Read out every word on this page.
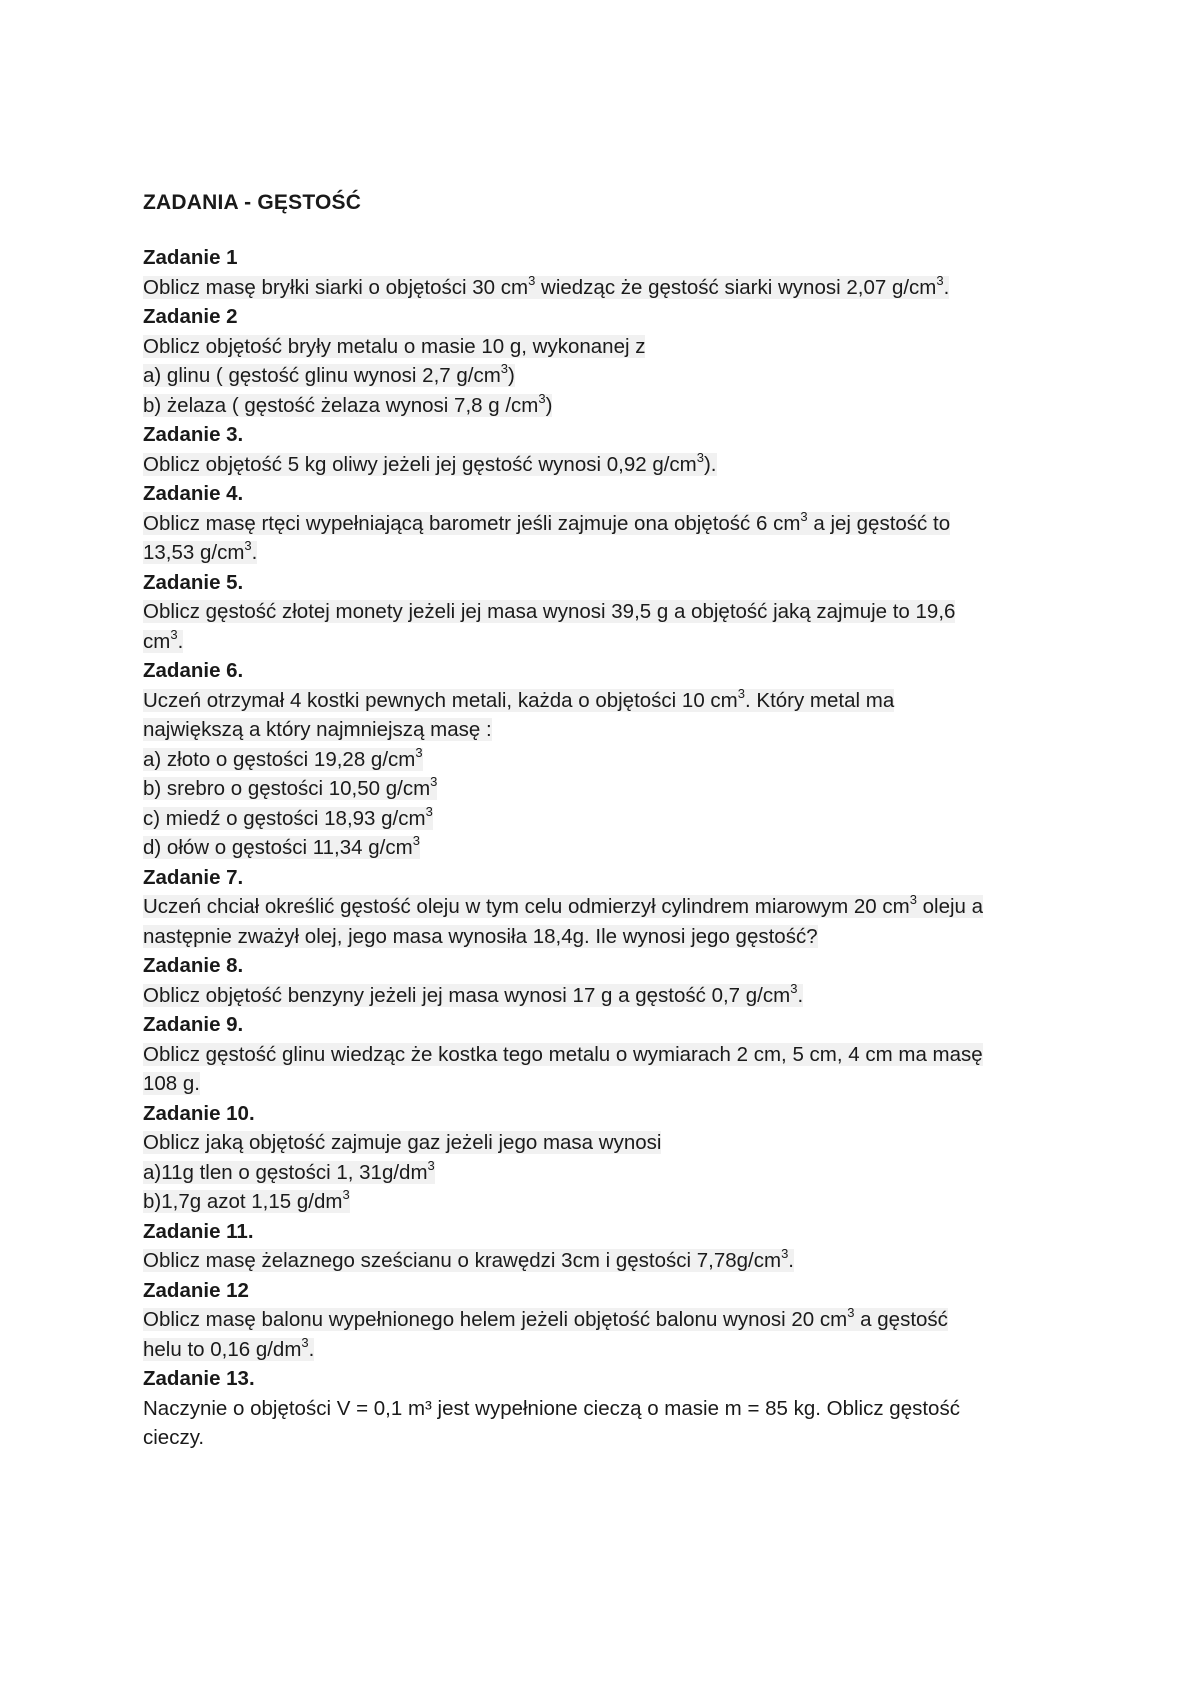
ZADANIA - GĘSTOŚĆ
Zadanie 1
Oblicz masę bryłki siarki o objętości 30 $cm^3$ wiedząc że gęstość siarki wynosi 2,07 $g/cm^3$.
Zadanie 2
Oblicz objętość bryły metalu o masie 10 g, wykonanej z
a) glinu ( gęstość glinu wynosi 2,7 $g/cm^3$)
b) żelaza ( gęstość żelaza wynosi 7,8 g $/cm^3$)
Zadanie 3.
Oblicz objętość 5 kg oliwy jeżeli jej gęstość wynosi 0,92 $g/cm^3$).
Zadanie 4.
Oblicz masę rtęci wypełniającą barometr jeśli zajmuje ona objętość 6 $cm^3$ a jej gęstość to
13,53 $g/cm^3$.
Zadanie 5.
Oblicz gęstość złotej monety jeżeli jej masa wynosi 39,5 g a objętość jaką zajmuje to 19,6
$cm^3$.
Zadanie 6.
Uczeń otrzymał 4 kostki pewnych metali, każda o objętości 10 $cm^3$. Który metal ma
największą a który najmniejszą masę :
a) złoto o gęstości 19,28 $g/cm^3$
b) srebro o gęstości 10,50 $g/cm^3$
c) miedź o gęstości 18,93 $g/cm^3$
d) ołów o gęstości 11,34 $g/cm^3$
Zadanie 7.
Uczeń chciał określić gęstość oleju w tym celu odmierzył cylindrem miarowym 20 $cm^3$ oleju a
następnie zważył olej, jego masa wynosiła 18,4g. Ile wynosi jego gęstość?
Zadanie 8.
Oblicz objętość benzyny jeżeli jej masa wynosi 17 g a gęstość 0,7 $g/cm^3$.
Zadanie 9.
Oblicz gęstość glinu wiedząc że kostka tego metalu o wymiarach 2 cm, 5 cm, 4 cm ma masę
108 g.
Zadanie 10.
Oblicz jaką objętość zajmuje gaz jeżeli jego masa wynosi
a)11g tlen o gęstości 1, $31g/dm^3$
b)1,7g azot 1,15 $g/dm^3$
Zadanie 11.
Oblicz masę żelaznego sześcianu o krawędzi 3cm i gęstości $7,78g/cm^3$.
Zadanie 12
Oblicz masę balonu wypełnionego helem jeżeli objętość balonu wynosi 20 $cm^3$ a gęstość
helu to 0,16 $g/dm^3$.
Zadanie 13.
Naczynie o objętości V = 0,1 m³ jest wypełnione cieczą o masie m = 85 kg. Oblicz gęstość
cieczy.
